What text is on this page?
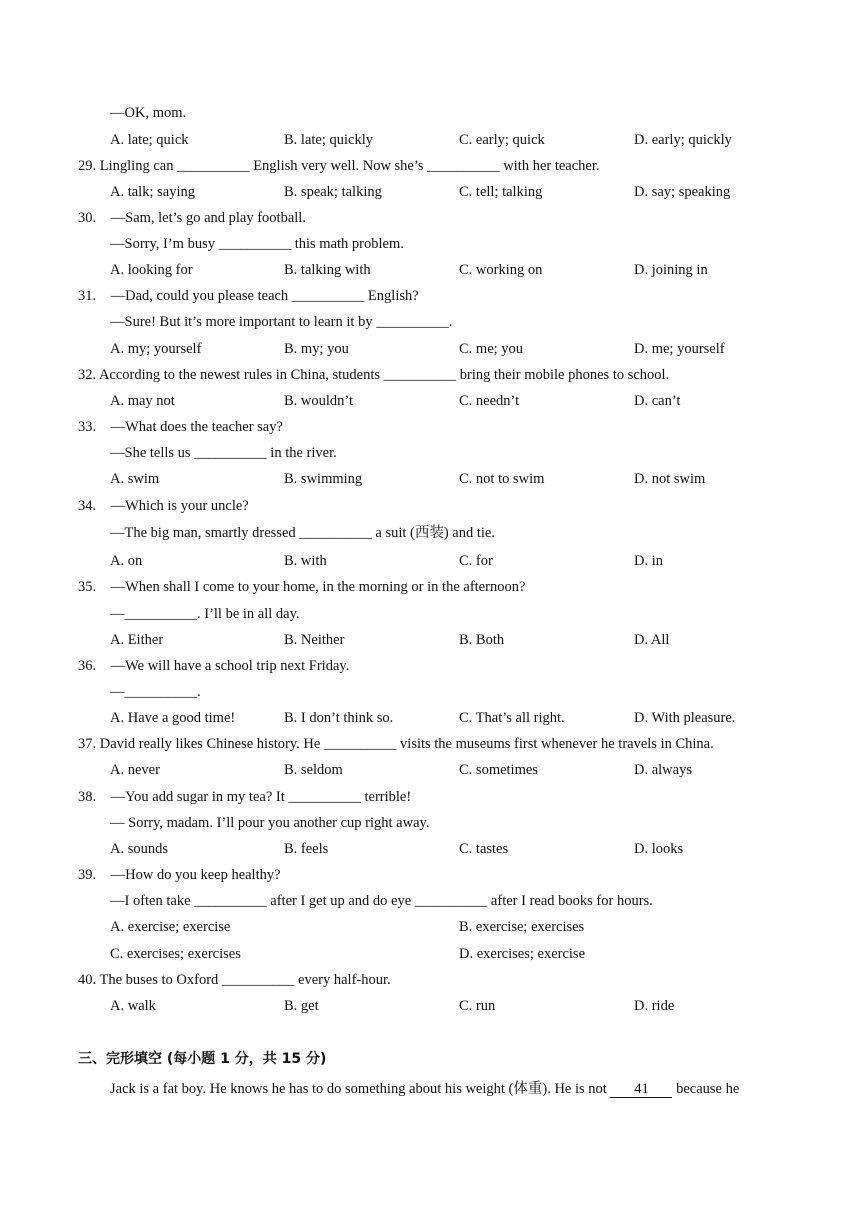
—OK, mom.
A. late; quick	B. late; quickly	C. early; quick	D. early; quickly
29. Lingling can __________ English very well. Now she’s __________ with her teacher.
A. talk; saying	B. speak; talking	C. tell; talking	D. say; speaking
30.    —Sam, let’s go and play football.
—Sorry, I’m busy __________ this math problem.
A. looking for	B. talking with	C. working on	D. joining in
31.    —Dad, could you please teach __________ English?
—Sure! But it’s more important to learn it by __________.
A. my; yourself	B. my; you	C. me; you	D. me; yourself
32. According to the newest rules in China, students __________ bring their mobile phones to school.
A. may not	B. wouldn’t	C. needn’t	D. can’t
33.    —What does the teacher say?
—She tells us __________ in the river.
A. swim	B. swimming	C. not to swim	D. not swim
34.    —Which is your uncle?
—The big man, smartly dressed __________ a suit (西装) and tie.
A. on	B. with	C. for	D. in
35.    —When shall I come to your home, in the morning or in the afternoon?
—__________. I’ll be in all day.
A. Either	B. Neither	B. Both	D. All
36.    —We will have a school trip next Friday.
—__________.
A. Have a good time!	B. I don’t think so.	C. That’s all right.	D. With pleasure.
37. David really likes Chinese history. He __________ visits the museums first whenever he travels in China.
A. never	B. seldom	C. sometimes	D. always
38.    —You add sugar in my tea? It __________ terrible!
— Sorry, madam. I’ll pour you another cup right away.
A. sounds	B. feels	C. tastes	D. looks
39.    —How do you keep healthy?
—I often take __________ after I get up and do eye __________ after I read books for hours.
A. exercise; exercise	B. exercise; exercises
C. exercises; exercises	D. exercises; exercise
40. The buses to Oxford __________ every half-hour.
A. walk	B. get	C. run	D. ride
三、完形填空 (每小题 1 分，共 15 分)
Jack is a fat boy. He knows he has to do something about his weight (体重). He is not 41 because he
